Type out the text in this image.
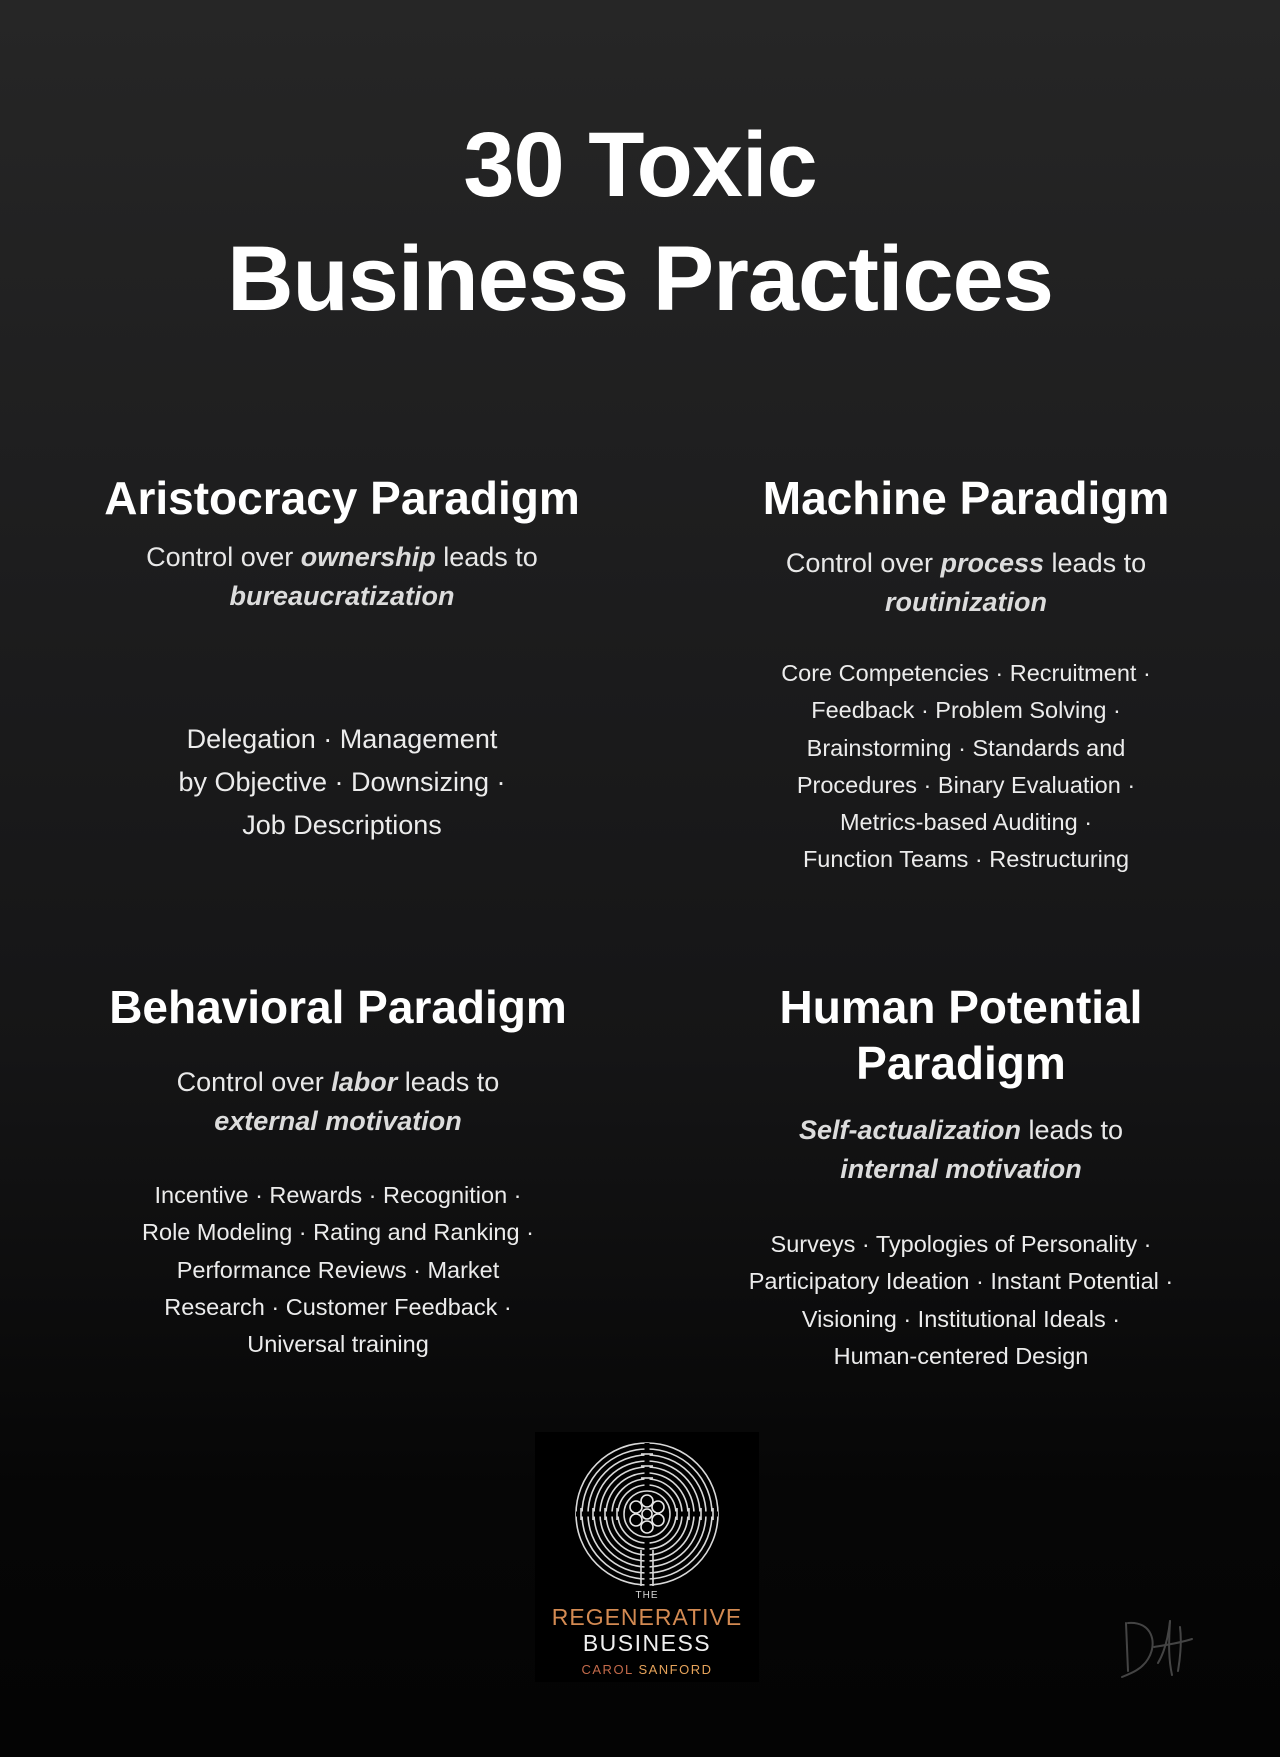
30 Toxic
Business Practices
Aristocracy Paradigm

Control over ownership leads to
bureaucratization

Delegation · Management
by Objective · Downsizing ·
Job Descriptions

Machine Paradigm

Control over process leads to
routinization

Core Competencies · Recruitment ·
Feedback · Problem Solving ·
Brainstorming · Standards and
Procedures · Binary Evaluation ·
Metrics-based Auditing ·
Function Teams · Restructuring

Behavioral Paradigm

Control over labor leads to
external motivation

Incentive · Rewards · Recognition ·
Role Modeling · Rating and Ranking ·
Performance Reviews · Market
Research · Customer Feedback ·
Universal training

Human Potential
Paradigm

Self-actualization leads to
internal motivation

Surveys · Typologies of Personality ·
Participatory Ideation · Instant Potential ·
Visioning · Institutional Ideals ·
Human-centered Design

THE

REGENERATIVE

BUSINESS

CAROL SANFORD
